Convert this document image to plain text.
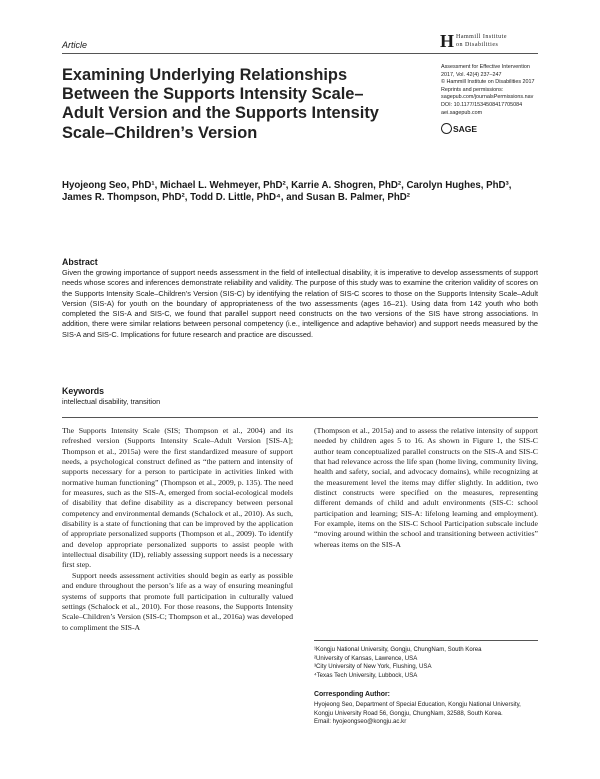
Article	H Hammill Institute
on Disabilities
Examining Underlying Relationships Between the Supports Intensity Scale–Adult Version and the Supports Intensity Scale–Children’s Version
Assessment for Effective Intervention
2017, Vol. 42(4) 237–247
© Hammill Institute on Disabilities 2017
Reprints and permissions:
sagepub.com/journalsPermissions.nav
DOI: 10.1177/1534508417705084
aei.sagepub.com
SAGE
Hyojeong Seo, PhD¹, Michael L. Wehmeyer, PhD², Karrie A. Shogren, PhD², Carolyn Hughes, PhD³, James R. Thompson, PhD², Todd D. Little, PhD⁴, and Susan B. Palmer, PhD²
Abstract
Given the growing importance of support needs assessment in the field of intellectual disability, it is imperative to develop assessments of support needs whose scores and inferences demonstrate reliability and validity. The purpose of this study was to examine the criterion validity of scores on the Supports Intensity Scale–Children’s Version (SIS-C) by identifying the relation of SIS-C scores to those on the Supports Intensity Scale–Adult Version (SIS-A) for youth on the boundary of appropriateness of the two assessments (ages 16–21). Using data from 142 youth who both completed the SIS-A and SIS-C, we found that parallel support need constructs on the two versions of the SIS have strong associations. In addition, there were similar relations between personal competency (i.e., intelligence and adaptive behavior) and support needs measured by the SIS-A and SIS-C. Implications for future research and practice are discussed.
Keywords
intellectual disability, transition

The Supports Intensity Scale (SIS; Thompson et al., 2004) and its refreshed version (Supports Intensity Scale–Adult Version [SIS-A]; Thompson et al., 2015a) were the first standardized measure of support needs, a psychological construct defined as “the pattern and intensity of supports necessary for a person to participate in activities linked with normative human functioning” (Thompson et al., 2009, p. 135). The need for measures, such as the SIS-A, emerged from social-ecological models of disability that define disability as a discrepancy between personal competency and environmental demands (Schalock et al., 2010). As such, disability is a state of functioning that can be improved by the application of appropriate personalized supports (Thompson et al., 2009). To identify and develop appropriate personalized supports to assist people with intellectual disability (ID), reliably assessing support needs is a necessary first step.

Support needs assessment activities should begin as early as possible and endure throughout the person’s life as a way of ensuring meaningful systems of supports that promote full participation in culturally valued settings (Schalock et al., 2010). For those reasons, the Supports Intensity Scale–Children’s Version (SIS-C; Thompson et al., 2016a) was developed to compliment the SIS-A

(Thompson et al., 2015a) and to assess the relative intensity of support needed by children ages 5 to 16. As shown in Figure 1, the SIS-C author team conceptualized parallel constructs on the SIS-A and SIS-C that had relevance across the life span (home living, community living, health and safety, social, and advocacy domains), while recognizing at the measurement level the items may differ slightly. In addition, two distinct constructs were specified on the measures, representing different demands of child and adult environments (SIS-C: school participation and learning; SIS-A: lifelong learning and employment). For example, items on the SIS-C School Participation subscale include “moving around within the school and transitioning between activities” whereas items on the SIS-A

¹Kongju National University, Gongju, ChungNam, South Korea
²University of Kansas, Lawrence, USA
³City University of New York, Flushing, USA
⁴Texas Tech University, Lubbock, USA
Corresponding Author:
Hyojeong Seo, Department of Special Education, Kongju National University, Kongju University Road 56, Gongju, ChungNam, 32588, South Korea.
Email: hyojeongseo@kongju.ac.kr
